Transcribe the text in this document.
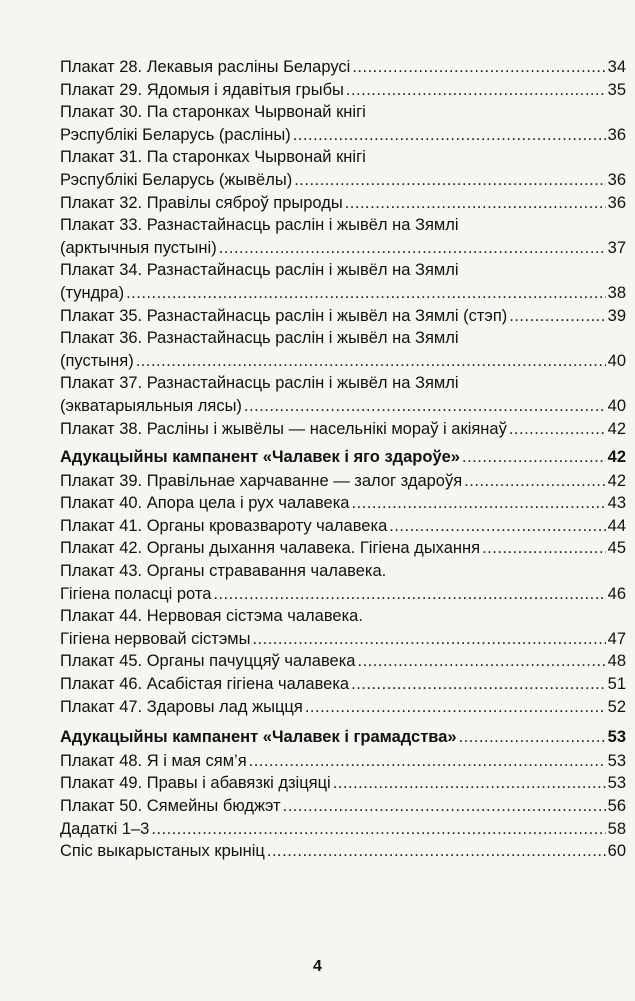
Плакат 28. Лекавыя расліны Беларусі .....	34
Плакат 29. Ядомыя і ядавітыя грыбы .....	35
Плакат 30. Па старонках Чырвонай кнігі
Рэспублікі Беларусь (расліны) .....	36
Плакат 31. Па старонках Чырвонай кнігі
Рэспублікі Беларусь (жывёлы) .....	36
Плакат 32. Правілы сяброў прыроды .....	36
Плакат 33. Разнастайнасць раслін і жывёл на Зямлі
(арктычныя пустыні) .....	37
Плакат 34. Разнастайнасць раслін і жывёл на Зямлі
(тундра) .....	38
Плакат 35. Разнастайнасць раслін і жывёл на Зямлі (стэп) .....	39
Плакат 36. Разнастайнасць раслін і жывёл на Зямлі
(пустыня) .....	40
Плакат 37. Разнастайнасць раслін і жывёл на Зямлі
(экватарыяльныя лясы) .....	40
Плакат 38. Расліны і жывёлы — насельнікі мораў і акіянаў .....	42
Адукацыйны кампанент «Чалавек і яго здароўе» .....	42
Плакат 39. Правільнае харчаванне — залог здароўя .....	42
Плакат 40. Апора цела і рух чалавека .....	43
Плакат 41. Органы кровазвароту чалавека .....	44
Плакат 42. Органы дыхання чалавека. Гігіена дыхання .....	45
Плакат 43. Органы стрававання чалавека.
Гігіена поласці рота .....	46
Плакат 44. Нервовая сістэма чалавека.
Гігіена нервовай сістэмы .....	47
Плакат 45. Органы пачуццяў чалавека .....	48
Плакат 46. Асабістая гігіена чалавека .....	51
Плакат 47. Здаровы лад жыцця .....	52
Адукацыйны кампанент «Чалавек і грамадства» .....	53
Плакат 48. Я і мая сям’я .....	53
Плакат 49. Правы і абавязкі дзіцяці .....	53
Плакат 50. Сямейны бюджэт .....	56
Дадаткі 1–3 .....	58
Спіс выкарыстаных крыніц .....	60
4
